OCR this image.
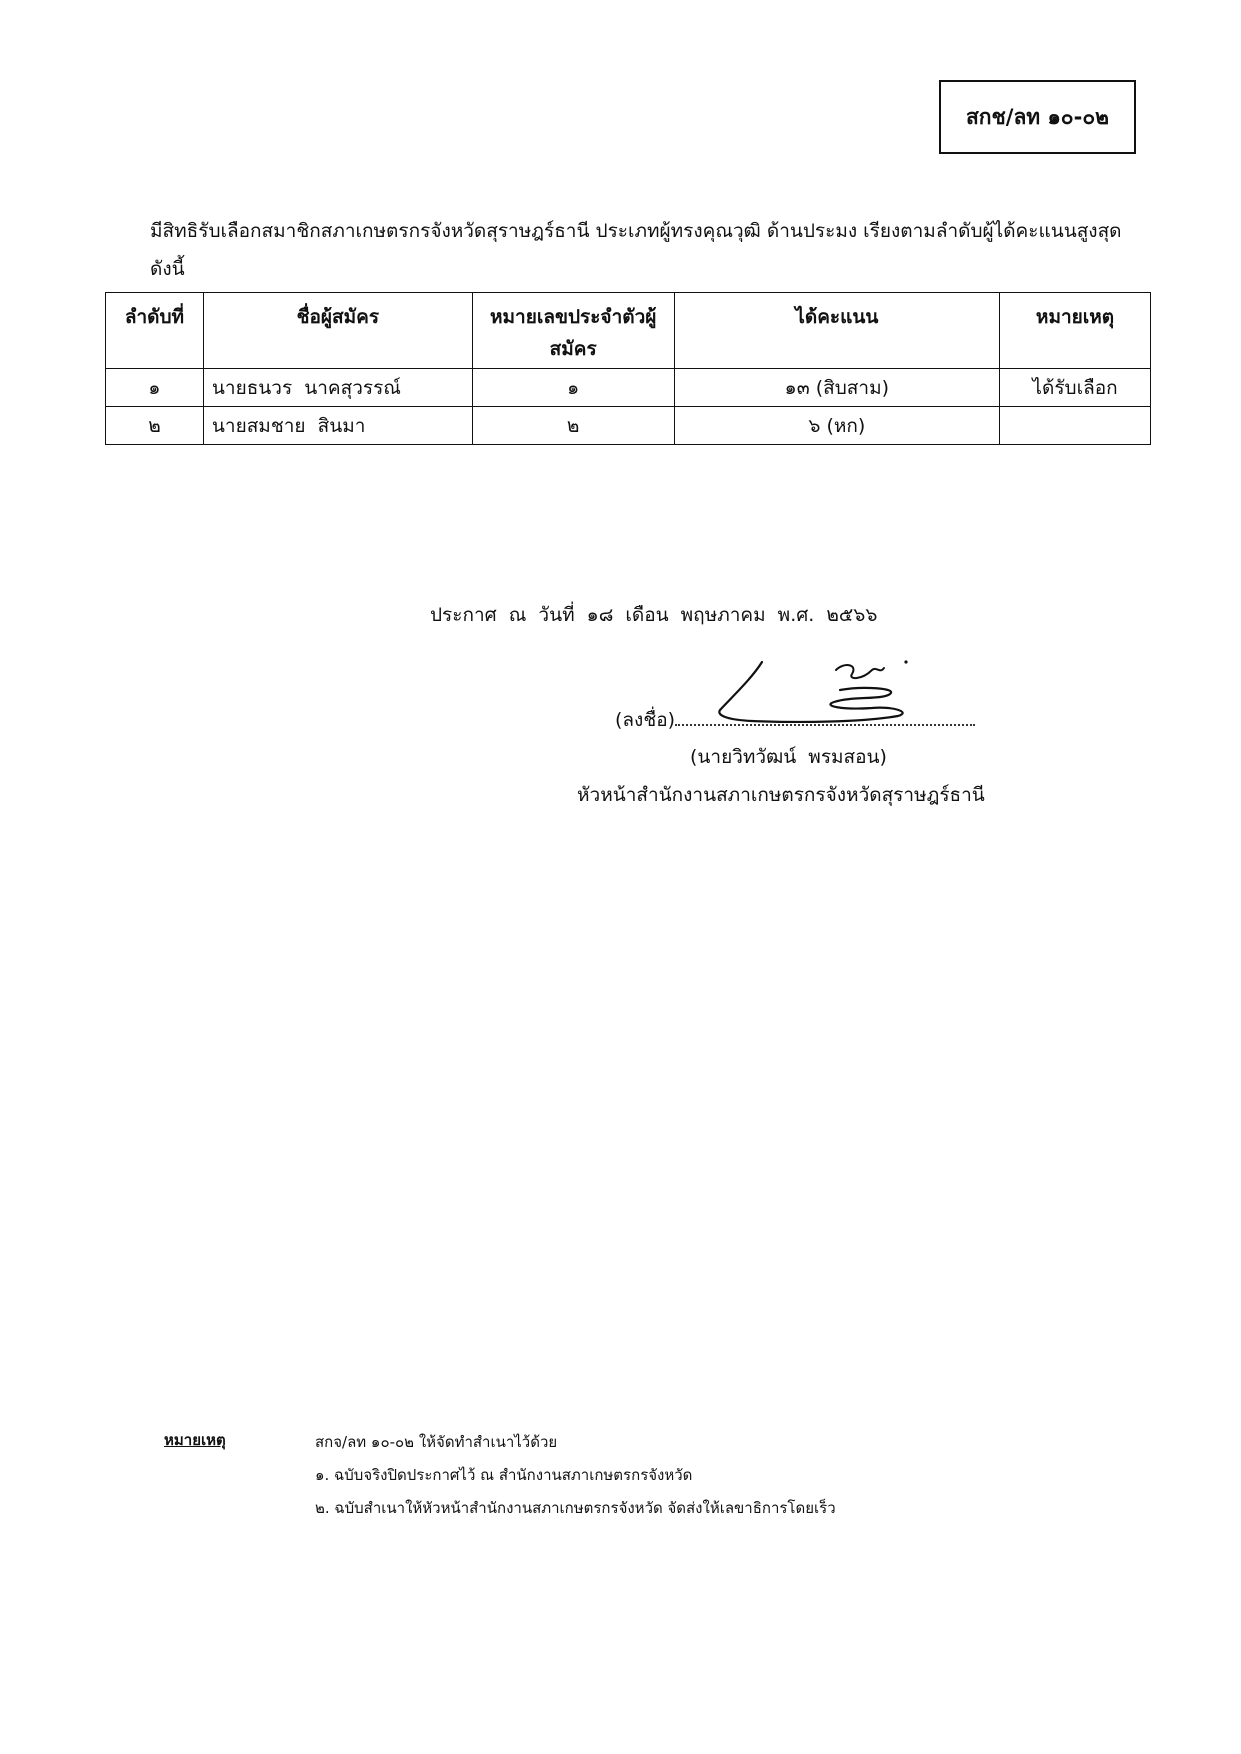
สกช/ลท ๑๐-๐๒
มีสิทธิรับเลือกสมาชิกสภาเกษตรกรจังหวัดสุราษฎร์ธานี ประเภทผู้ทรงคุณวุฒิ ด้านประมง เรียงตามลำดับผู้ได้คะแนนสูงสุด ดังนี้
ลำดับที่	ชื่อผู้สมัคร	หมายเลขประจำตัวผู้สมัคร	ได้คะแนน	หมายเหตุ
๑	นายธนวร  นาคสุวรรณ์	๑	๑๓ (สิบสาม)	ได้รับเลือก
๒	นายสมชาย  สินมา	๒	๖ (หก)	
ประกาศ ณ วันที่ ๑๘ เดือน พฤษภาคม พ.ศ. ๒๕๖๖
(ลงชื่อ)
(นายวิทวัฒน์  พรมสอน)
หัวหน้าสำนักงานสภาเกษตรกรจังหวัดสุราษฎร์ธานี
หมายเหตุ	สกจ/ลท ๑๐-๐๒ ให้จัดทำสำเนาไว้ด้วย
๑. ฉบับจริงปิดประกาศไว้ ณ สำนักงานสภาเกษตรกรจังหวัด
๒. ฉบับสำเนาให้หัวหน้าสำนักงานสภาเกษตรกรจังหวัด จัดส่งให้เลขาธิการโดยเร็ว
